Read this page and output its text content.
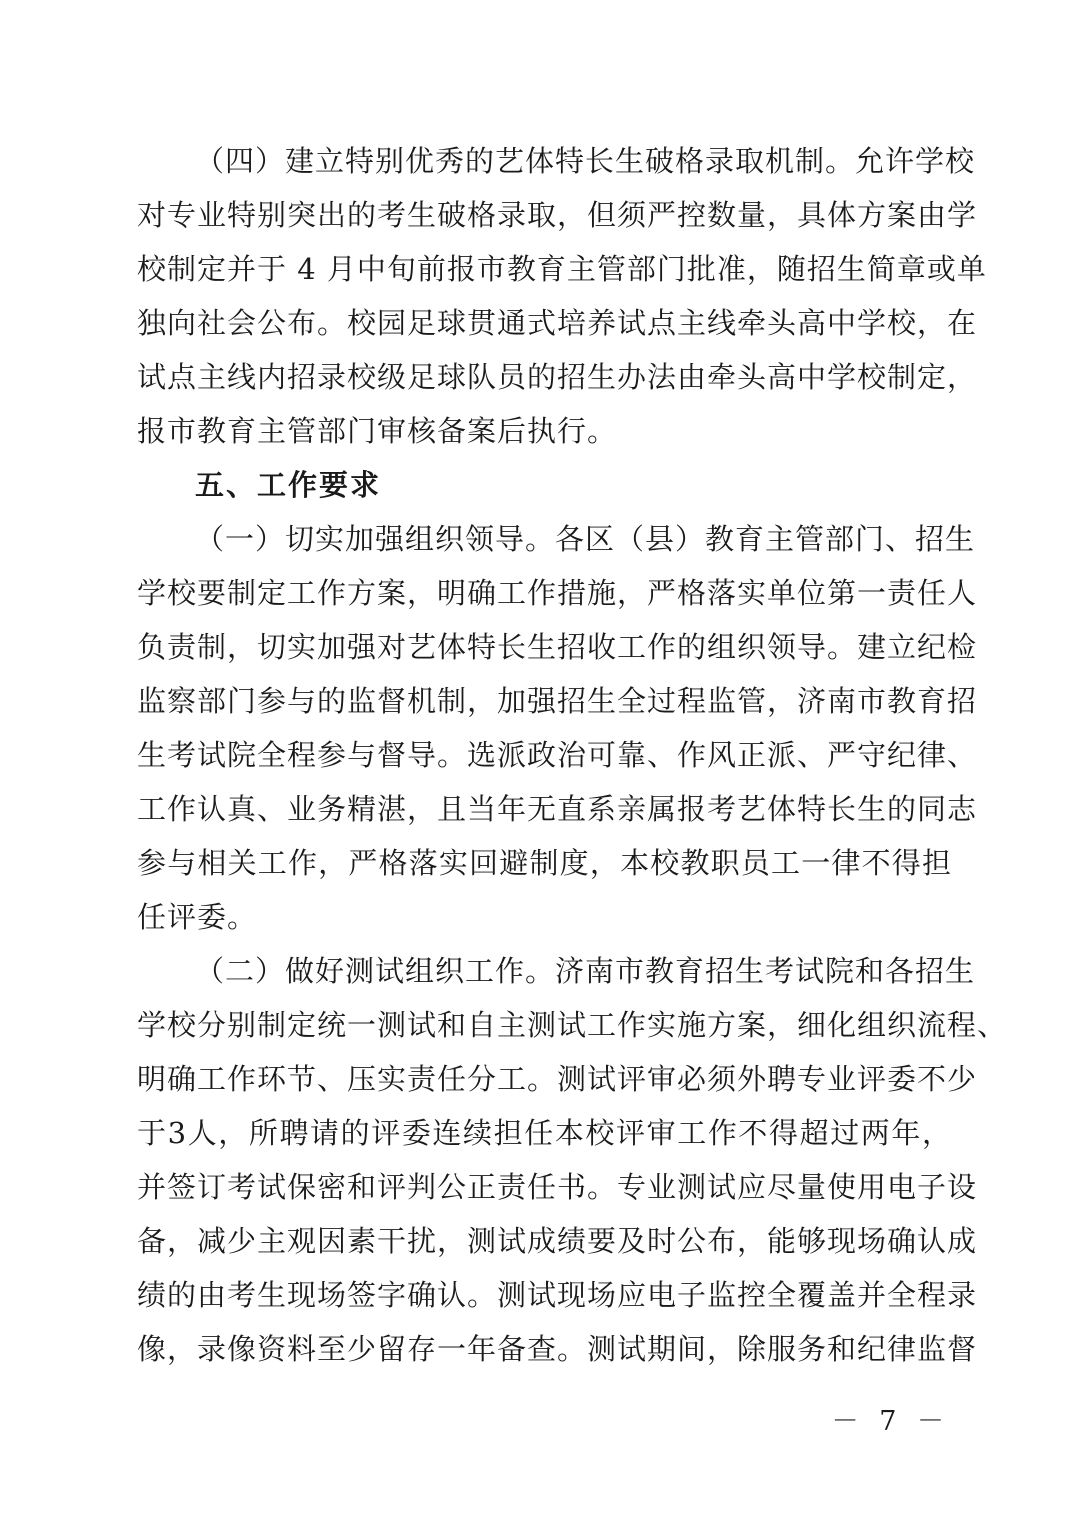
（四）建立特别优秀的艺体特长生破格录取机制。允许学校
对专业特别突出的考生破格录取，但须严控数量，具体方案由学
校制定并于 4 月中旬前报市教育主管部门批准，随招生简章或单
独向社会公布。校园足球贯通式培养试点主线牵头高中学校，在
试点主线内招录校级足球队员的招生办法由牵头高中学校制定，
报市教育主管部门审核备案后执行。
五、工作要求
（一）切实加强组织领导。各区（县）教育主管部门、招生
学校要制定工作方案，明确工作措施，严格落实单位第一责任人
负责制，切实加强对艺体特长生招收工作的组织领导。建立纪检
监察部门参与的监督机制，加强招生全过程监管，济南市教育招
生考试院全程参与督导。选派政治可靠、作风正派、严守纪律、
工作认真、业务精湛，且当年无直系亲属报考艺体特长生的同志
参与相关工作，严格落实回避制度，本校教职员工一律不得担
任评委。
（二）做好测试组织工作。济南市教育招生考试院和各招生
学校分别制定统一测试和自主测试工作实施方案，细化组织流程、
明确工作环节、压实责任分工。测试评审必须外聘专业评委不少
于3人，所聘请的评委连续担任本校评审工作不得超过两年，
并签订考试保密和评判公正责任书。专业测试应尽量使用电子设
备，减少主观因素干扰，测试成绩要及时公布，能够现场确认成
绩的由考生现场签字确认。测试现场应电子监控全覆盖并全程录
像，录像资料至少留存一年备查。测试期间，除服务和纪律监督
－ 7 －
